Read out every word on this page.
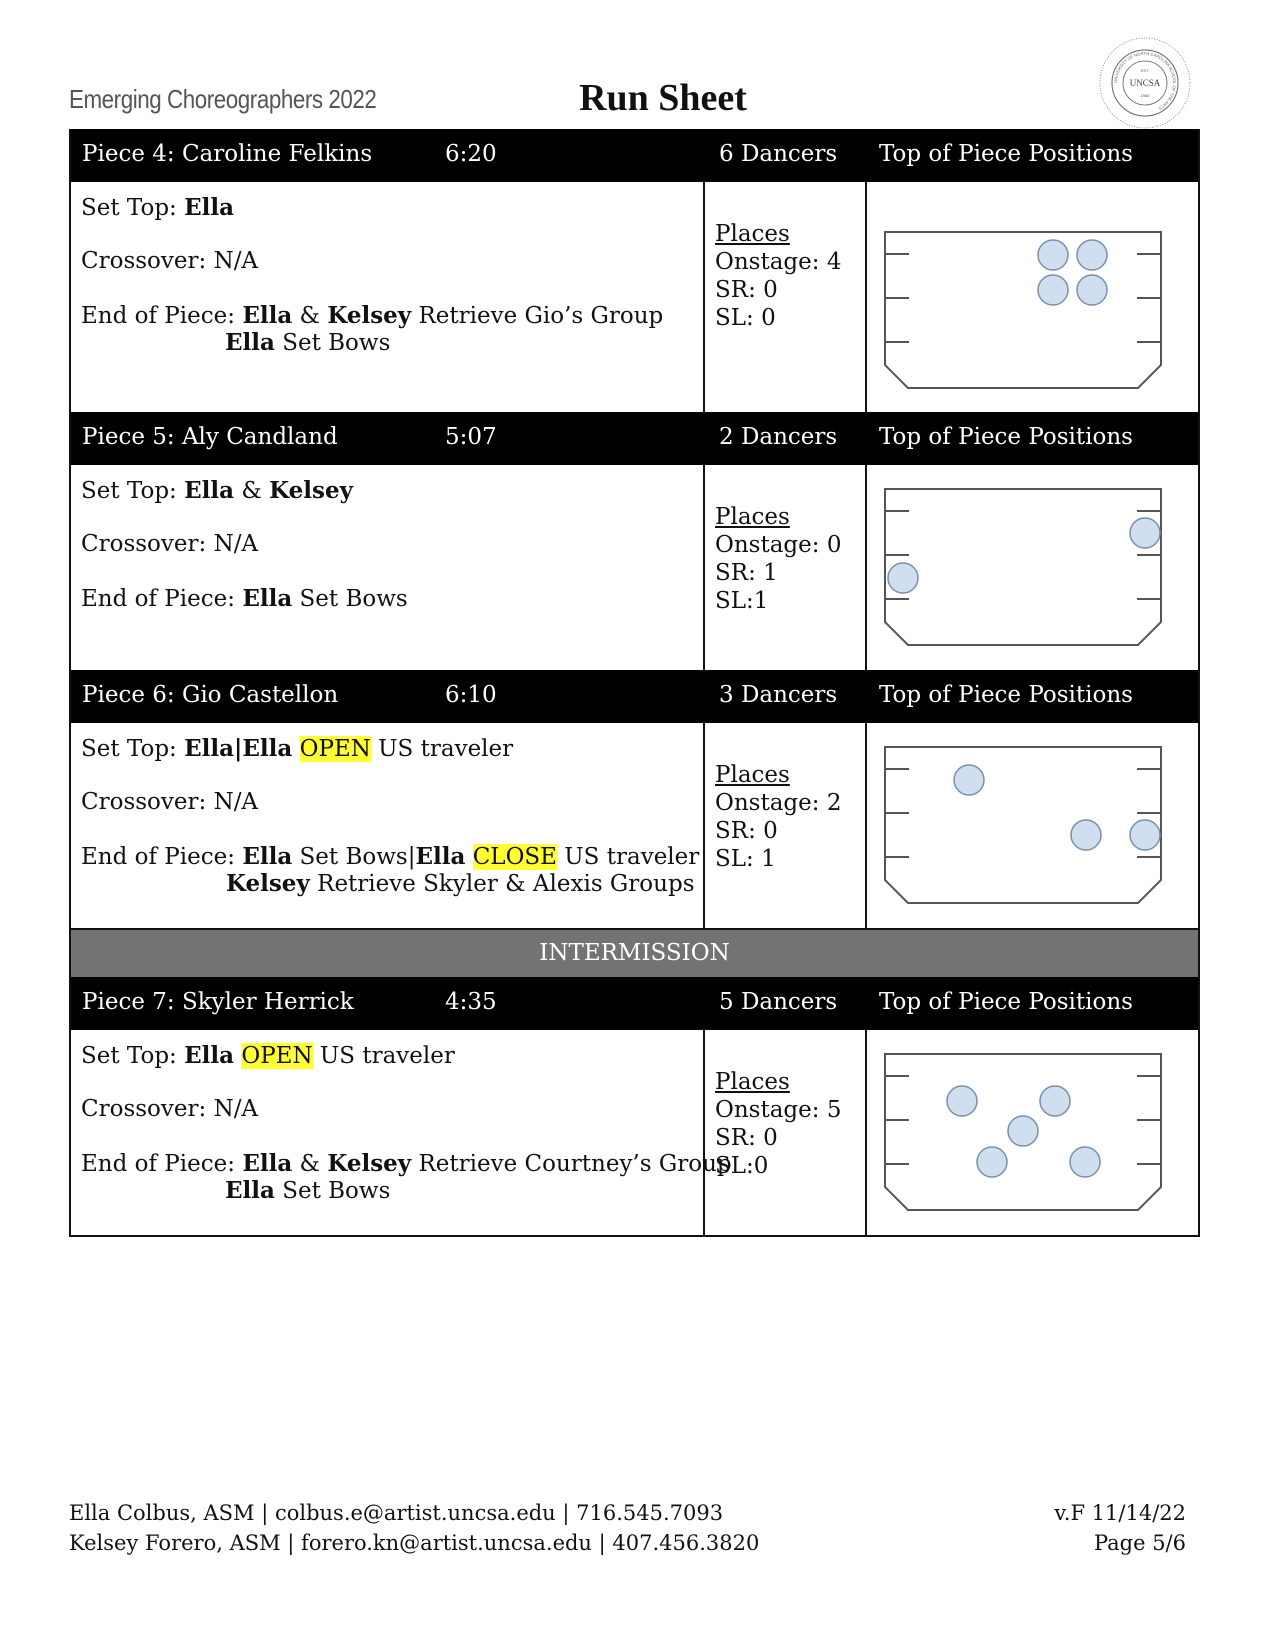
Emerging Choreographers 2022	Run Sheet	UNCSA
EST.
1965
UNIVERSITY OF NORTH CAROLINA SCHOOL OF THE ARTS
Piece 4: Caroline Felkins	6:20	6 Dancers Top of Piece Positions
Set Top: Ella
Crossover: N/A
End of Piece: Ella & Kelsey Retrieve Gio’s Group
Ella Set Bows
Places
Onstage: 4
SR: 0
SL: 0
Piece 5: Aly Candland	5:07	2 Dancers Top of Piece Positions
Set Top: Ella & Kelsey
Crossover: N/A
End of Piece: Ella Set Bows
Places
Onstage: 0
SR: 1
SL:1
Piece 6: Gio Castellon	6:10	3 Dancers Top of Piece Positions
Set Top: Ella|Ella OPEN US traveler
Crossover: N/A
End of Piece: Ella Set Bows|Ella CLOSE US traveler
Kelsey Retrieve Skyler & Alexis Groups
Places
Onstage: 2
SR: 0
SL: 1
INTERMISSION
Piece 7: Skyler Herrick	4:35	5 Dancers Top of Piece Positions
Set Top: Ella OPEN US traveler
Crossover: N/A
End of Piece: Ella & Kelsey Retrieve Courtney’s Group
Ella Set Bows
Places
Onstage: 5
SR: 0
SL:0
Ella Colbus, ASM | colbus.e@artist.uncsa.edu | 716.545.7093
Kelsey Forero, ASM | forero.kn@artist.uncsa.edu | 407.456.3820
v.F 11/14/22
Page 5/6
